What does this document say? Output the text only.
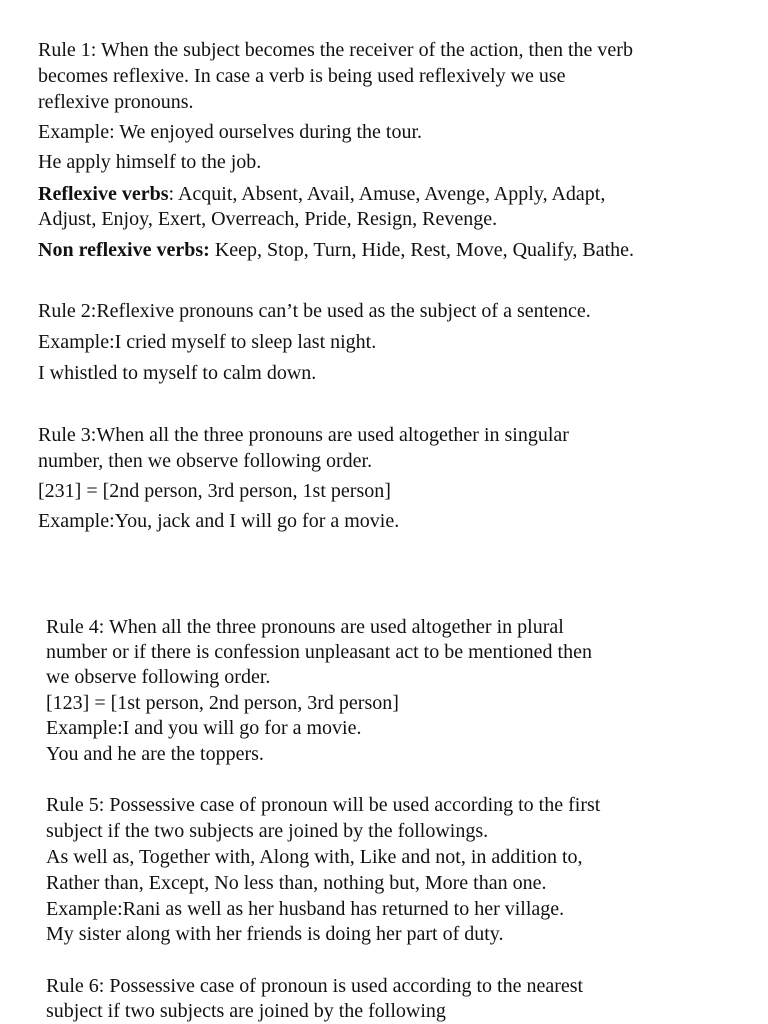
Rule 1: When the subject becomes the receiver of the action, then the verb
becomes reflexive. In case a verb is being used reflexively we use
reflexive pronouns.
Example: We enjoyed ourselves during the tour.
He apply himself to the job.
Reflexive verbs: Acquit, Absent, Avail, Amuse, Avenge, Apply, Adapt,
Adjust, Enjoy, Exert, Overreach, Pride, Resign, Revenge.
Non reflexive verbs: Keep, Stop, Turn, Hide, Rest, Move, Qualify, Bathe.
Rule 2:Reflexive pronouns can’t be used as the subject of a sentence.
Example:I cried myself to sleep last night.
I whistled to myself to calm down.
Rule 3:When all the three pronouns are used altogether in singular
number, then we observe following order.
[231] = [2nd person, 3rd person, 1st person]
Example:You, jack and I will go for a movie.
Rule 4: When all the three pronouns are used altogether in plural
number or if there is confession unpleasant act to be mentioned then
we observe following order.
[123] = [1st person, 2nd person, 3rd person]
Example:I and you will go for a movie.
You and he are the toppers.
Rule 5: Possessive case of pronoun will be used according to the first
subject if the two subjects are joined by the followings.
As well as, Together with, Along with, Like and not, in addition to,
Rather than, Except, No less than, nothing but, More than one.
Example:Rani as well as her husband has returned to her village.
My sister along with her friends is doing her part of duty.
Rule 6: Possessive case of pronoun is used according to the nearest
subject if two subjects are joined by the following
